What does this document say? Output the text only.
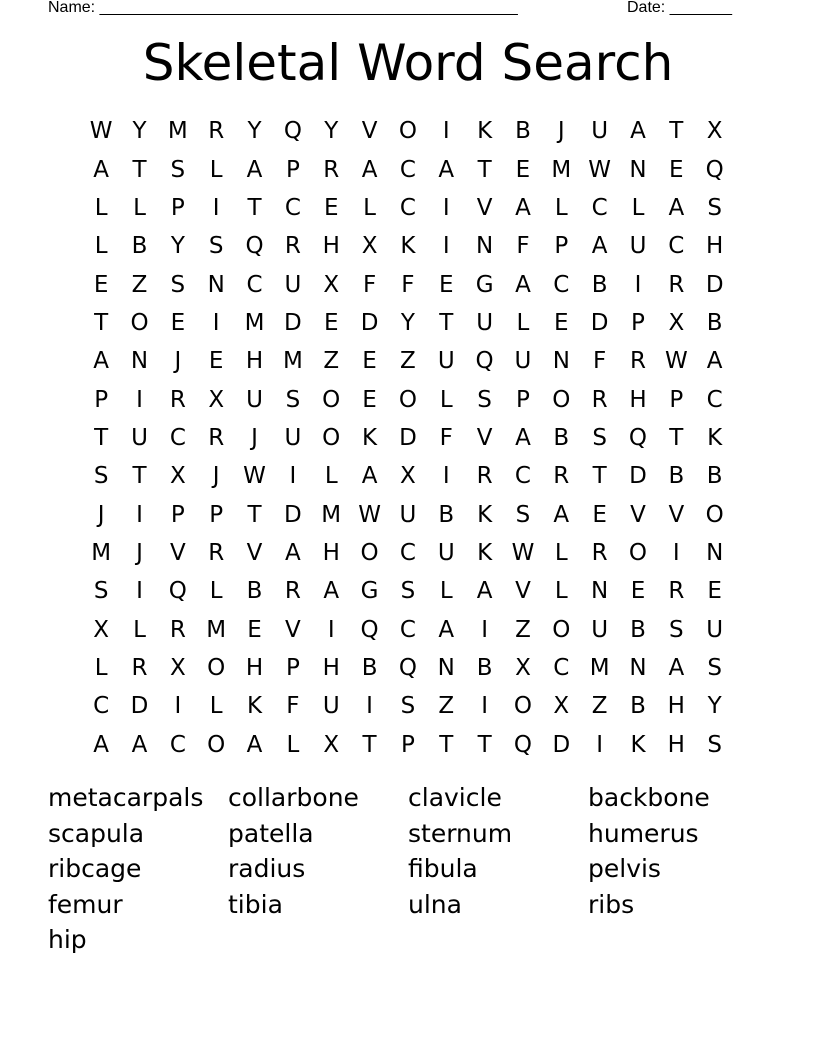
Name: _______________________________________________	Date: _______
Skeletal Word Search
W Y M R	Y Q Y	V O	I	K B	J	U A	T	X
A	T	S	L	A	P	R A C A	T	E M W N E Q
L	L	P	I	T	C	E	L	C	I	V A	L	C	L	A	S
L	B	Y	S Q R H X K	I	N	F	P	A U C H
E	Z	S N C U X	F	F	E G A C B	I	R D
T O E	I	M D E D Y	T U	L	E D P	X B
A N	J	E H M Z	E	Z U Q U N	F	R W A
P	I	R X U S O E O L	S	P O R H P	C
T U C R	J	U O K D F	V A B	S Q T	K
S	T	X	J	W	I	L	A X	I	R C R	T D B B
J	I	P	P	T D M W U B K	S	A	E	V V O
M	J	V R V A H O C U K W L	R O	I	N
S	I	Q L	B R A G S	L	A V	L	N E	R	E
X	L	R M E	V	I	Q C A	I	Z O U B	S U
L	R X O H P H B Q N B X C M N A	S
C D	I	L	K	F	U	I	S	Z	I	O X Z B H Y
A A C O A	L	X	T	P	T	T Q D	I	K H S
metacarpals collarbone	clavicle	backbone
scapula	patella	sternum	humerus
ribcage	radius	fibula	pelvis
femur	tibia	ulna	ribs
hip
